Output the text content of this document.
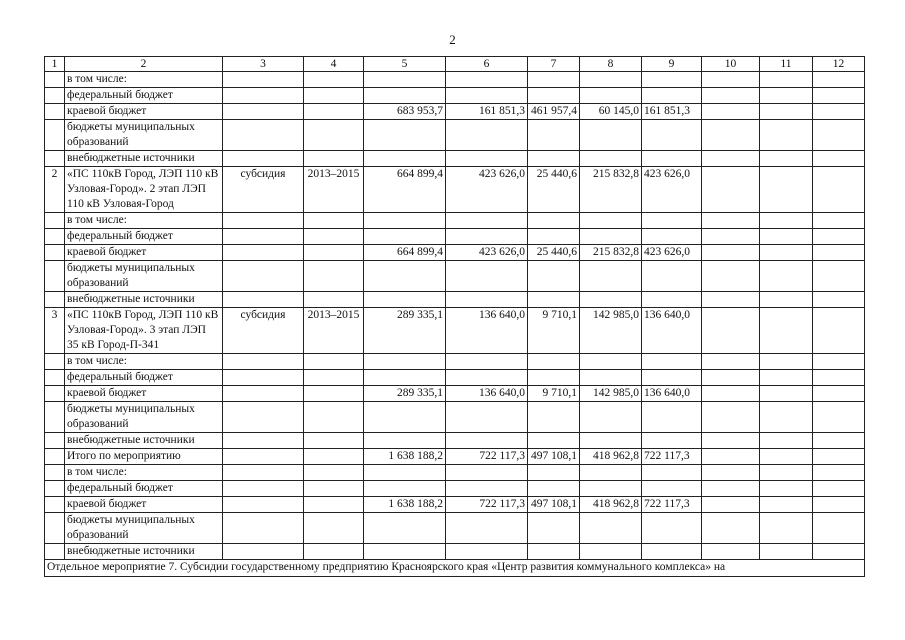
2
1	2	3	4	5	6	7	8	9	10	11	12
	в том числе:										
	федеральный бюджет										
	краевой бюджет			683 953,7	161 851,3	461 957,4	60 145,0	161 851,3			
	бюджеты муниципальных образований										
	внебюджетные источники										
2	«ПС 110кВ Город, ЛЭП 110 кВ Узловая-Город». 2 этап ЛЭП 110 кВ Узловая-Город	субсидия	2013–2015	664 899,4	423 626,0	25 440,6	215 832,8	423 626,0			
	в том числе:										
	федеральный бюджет										
	краевой бюджет			664 899,4	423 626,0	25 440,6	215 832,8	423 626,0			
	бюджеты муниципальных образований										
	внебюджетные источники										
3	«ПС 110кВ Город, ЛЭП 110 кВ Узловая-Город». 3 этап ЛЭП 35 кВ Город-П-341	субсидия	2013–2015	289 335,1	136 640,0	9 710,1	142 985,0	136 640,0			
	в том числе:										
	федеральный бюджет										
	краевой бюджет			289 335,1	136 640,0	9 710,1	142 985,0	136 640,0			
	бюджеты муниципальных образований										
	внебюджетные источники										
	Итого по мероприятию			1 638 188,2	722 117,3	497 108,1	418 962,8	722 117,3			
	в том числе:										
	федеральный бюджет										
	краевой бюджет			1 638 188,2	722 117,3	497 108,1	418 962,8	722 117,3			
	бюджеты муниципальных образований										
	внебюджетные источники										
Отдельное мероприятие 7. Субсидии государственному предприятию Красноярского края «Центр развития коммунального комплекса» на											
